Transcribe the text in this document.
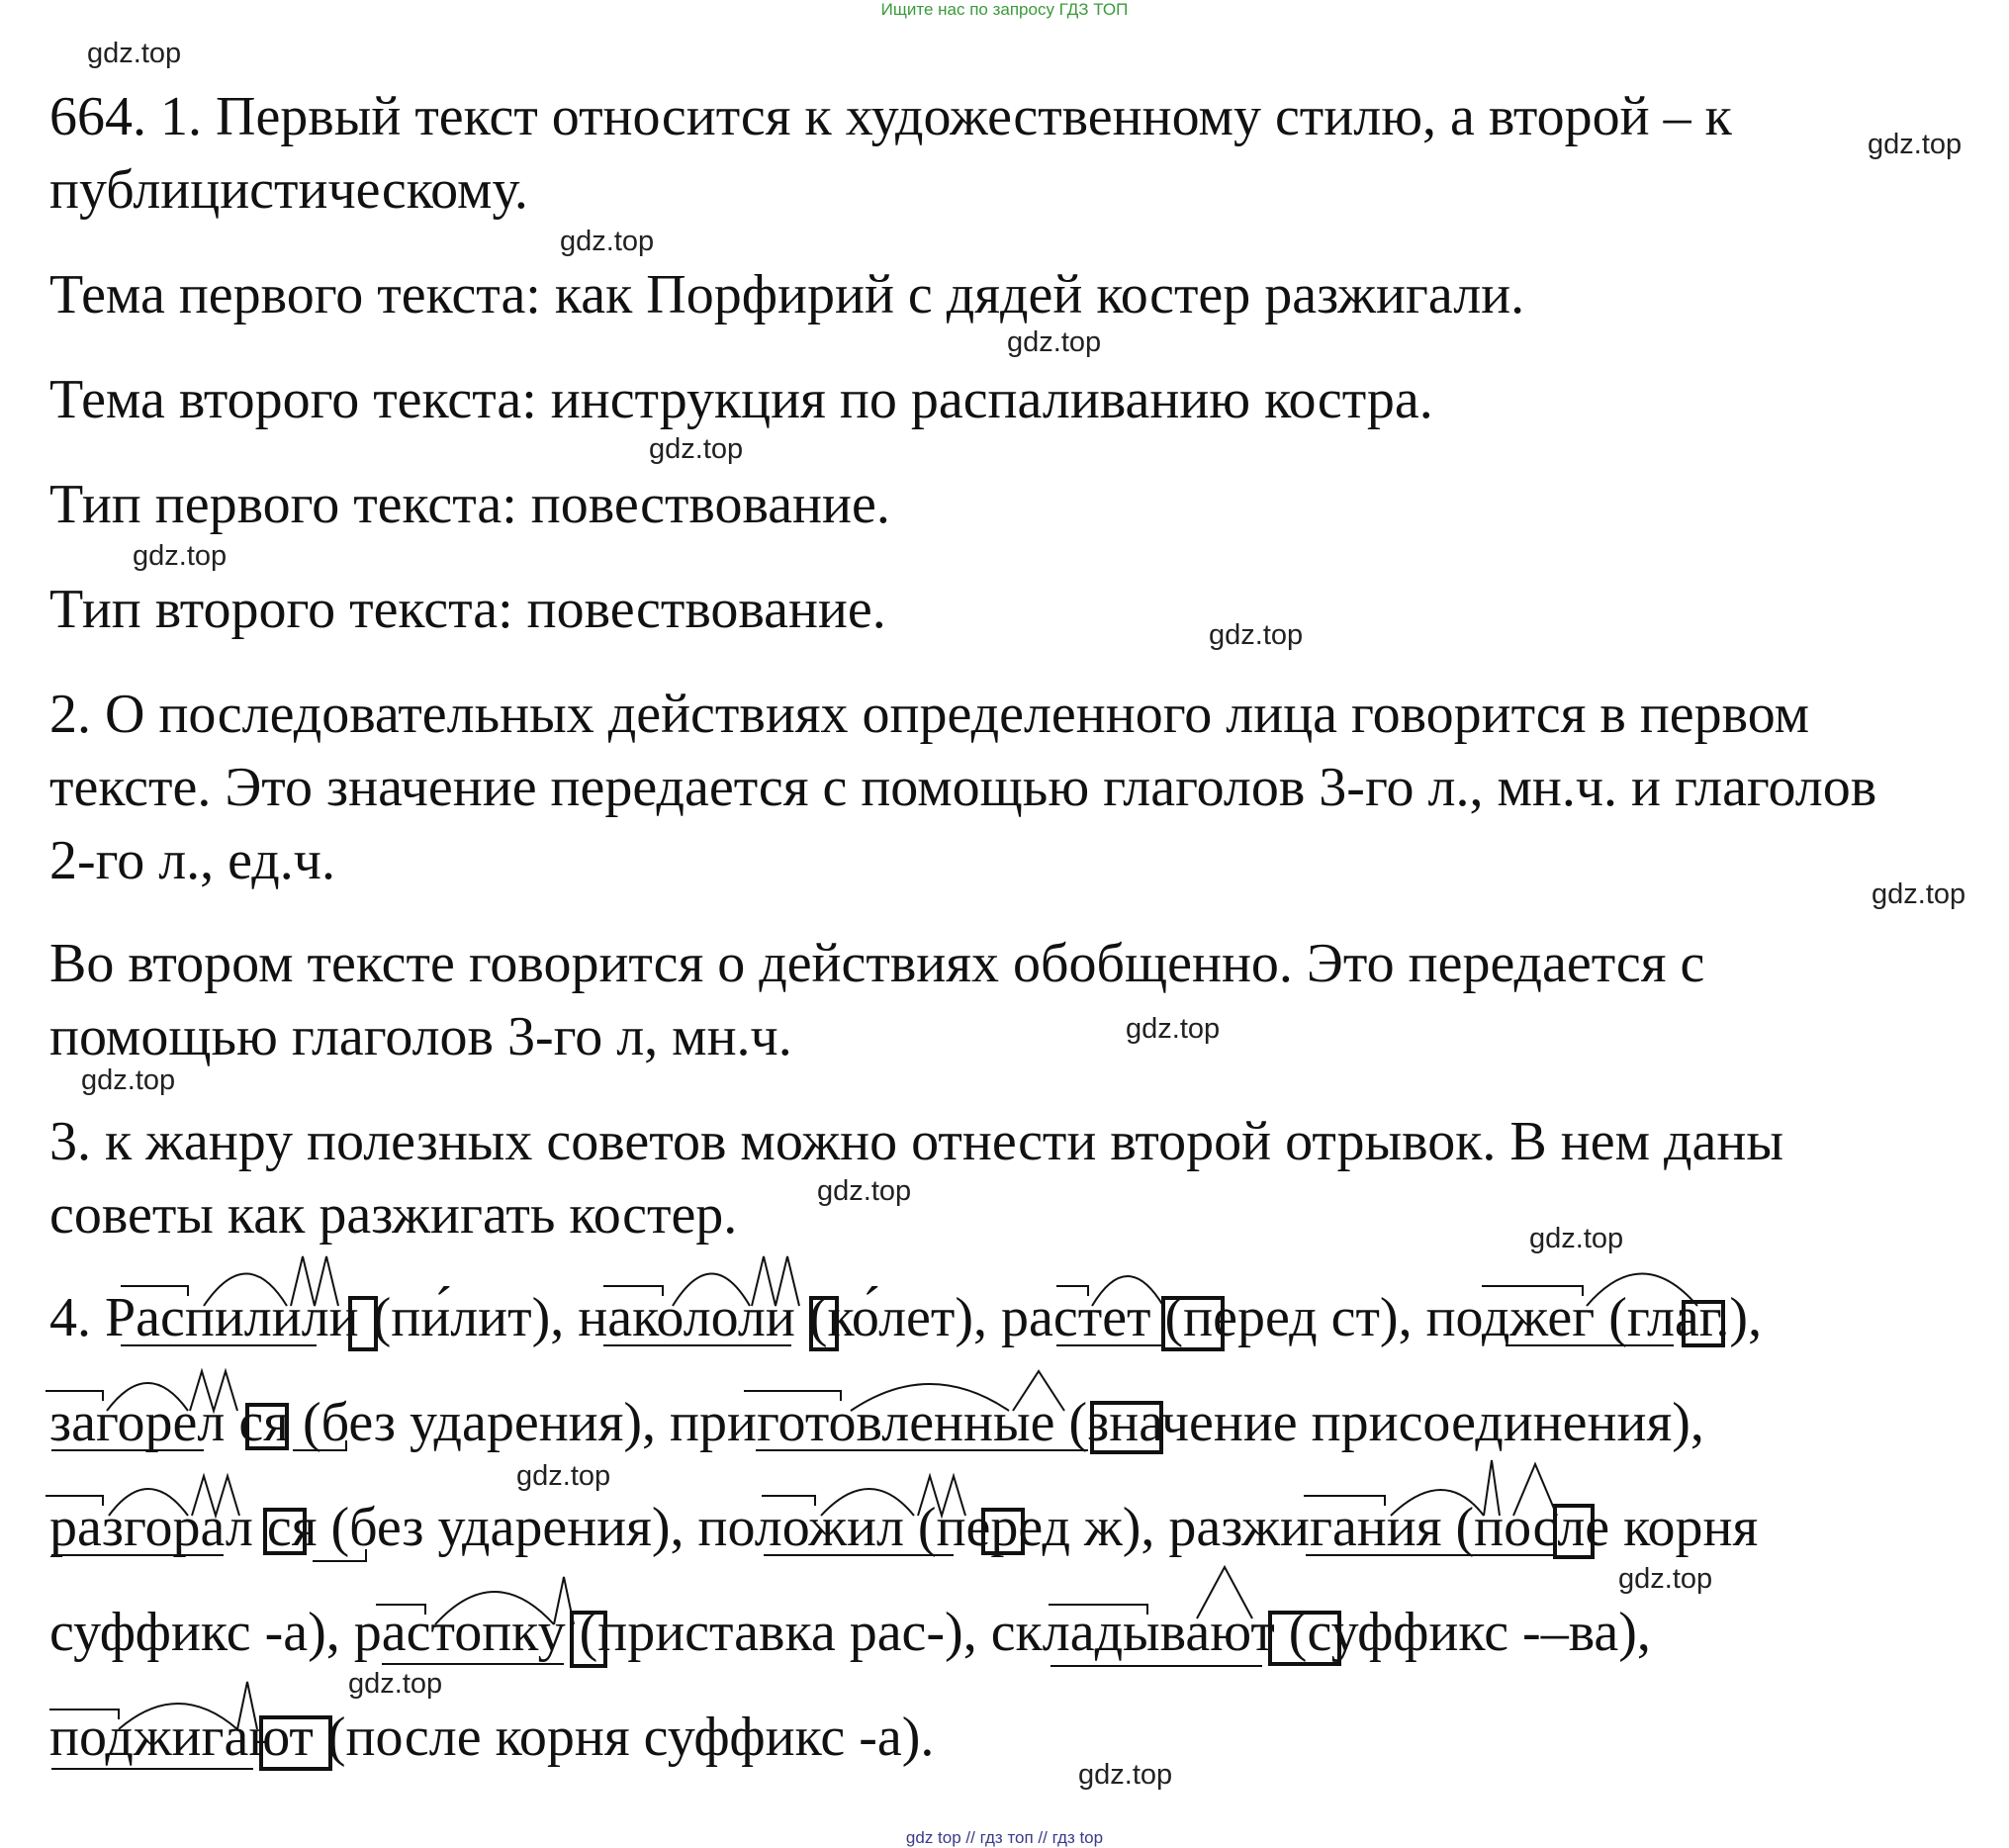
Ищите нас по запросу ГДЗ ТОП
gdz.top
gdz.top
gdz.top
gdz.top
gdz.top
gdz.top
gdz.top
gdz.top
gdz.top
gdz.top
gdz.top
gdz.top
gdz.top
gdz.top
gdz.top
gdz.top
664. 1. Первый текст относится к художественному стилю, а второй – к
публицистическому.
Тема первого текста: как Порфирий с дядей костер разжигали.
Тема второго текста: инструкция по распаливанию костра.
Тип первого текста: повествование.
Тип второго текста: повествование.
2. О последовательных действиях определенного лица говорится в первом
тексте. Это значение передается с помощью глаголов 3-го л., мн.ч. и глаголов
2-го л., ед.ч.
Во втором тексте говорится о действиях обобщенно. Это передается с
помощью глаголов 3-го л, мн.ч.
3. к жанру полезных советов можно отнести второй отрывок. В нем даны
советы как разжигать костер.
4. Распилили (пи́лит), накололи (ко́лет), растет (перед ст), поджег (глаг.),
загорел ся (без ударения), приготовленные (значение присоединения),
разгорал ся (без ударения), положил (перед ж), разжигания (после корня
суффикс -а), растопку (приставка рас-), складывают (суффикс -–ва),
поджигают (после корня суффикс -а).
gdz top // гдз топ // гдз top
